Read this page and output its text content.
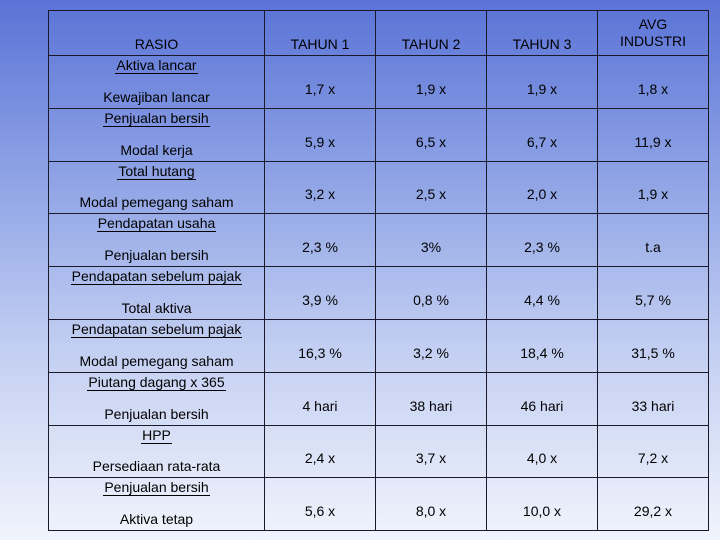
RASIO	TAHUN 1	TAHUN 2	TAHUN 3	AVG
INDUSTRI

Aktiva lancar
Kewajiban lancar	1,7 x	1,9 x	1,9 x	1,8 x

Penjualan bersih
Modal kerja	5,9 x	6,5 x	6,7 x	11,9 x

Total hutang
Modal pemegang saham	3,2 x	2,5 x	2,0 x	1,9 x

Pendapatan usaha
Penjualan bersih	2,3 %	3%	2,3 %	t.a

Pendapatan sebelum pajak
Total aktiva	3,9 %	0,8 %	4,4 %	5,7 %

Pendapatan sebelum pajak
Modal pemegang saham	16,3 %	3,2 %	18,4 %	31,5 %

Piutang dagang x 365
Penjualan bersih	4 hari	38 hari	46 hari	33 hari

HPP
Persediaan rata-rata	2,4 x	3,7 x	4,0 x	7,2 x

Penjualan bersih
Aktiva tetap	5,6 x	8,0 x	10,0 x	29,2 x
